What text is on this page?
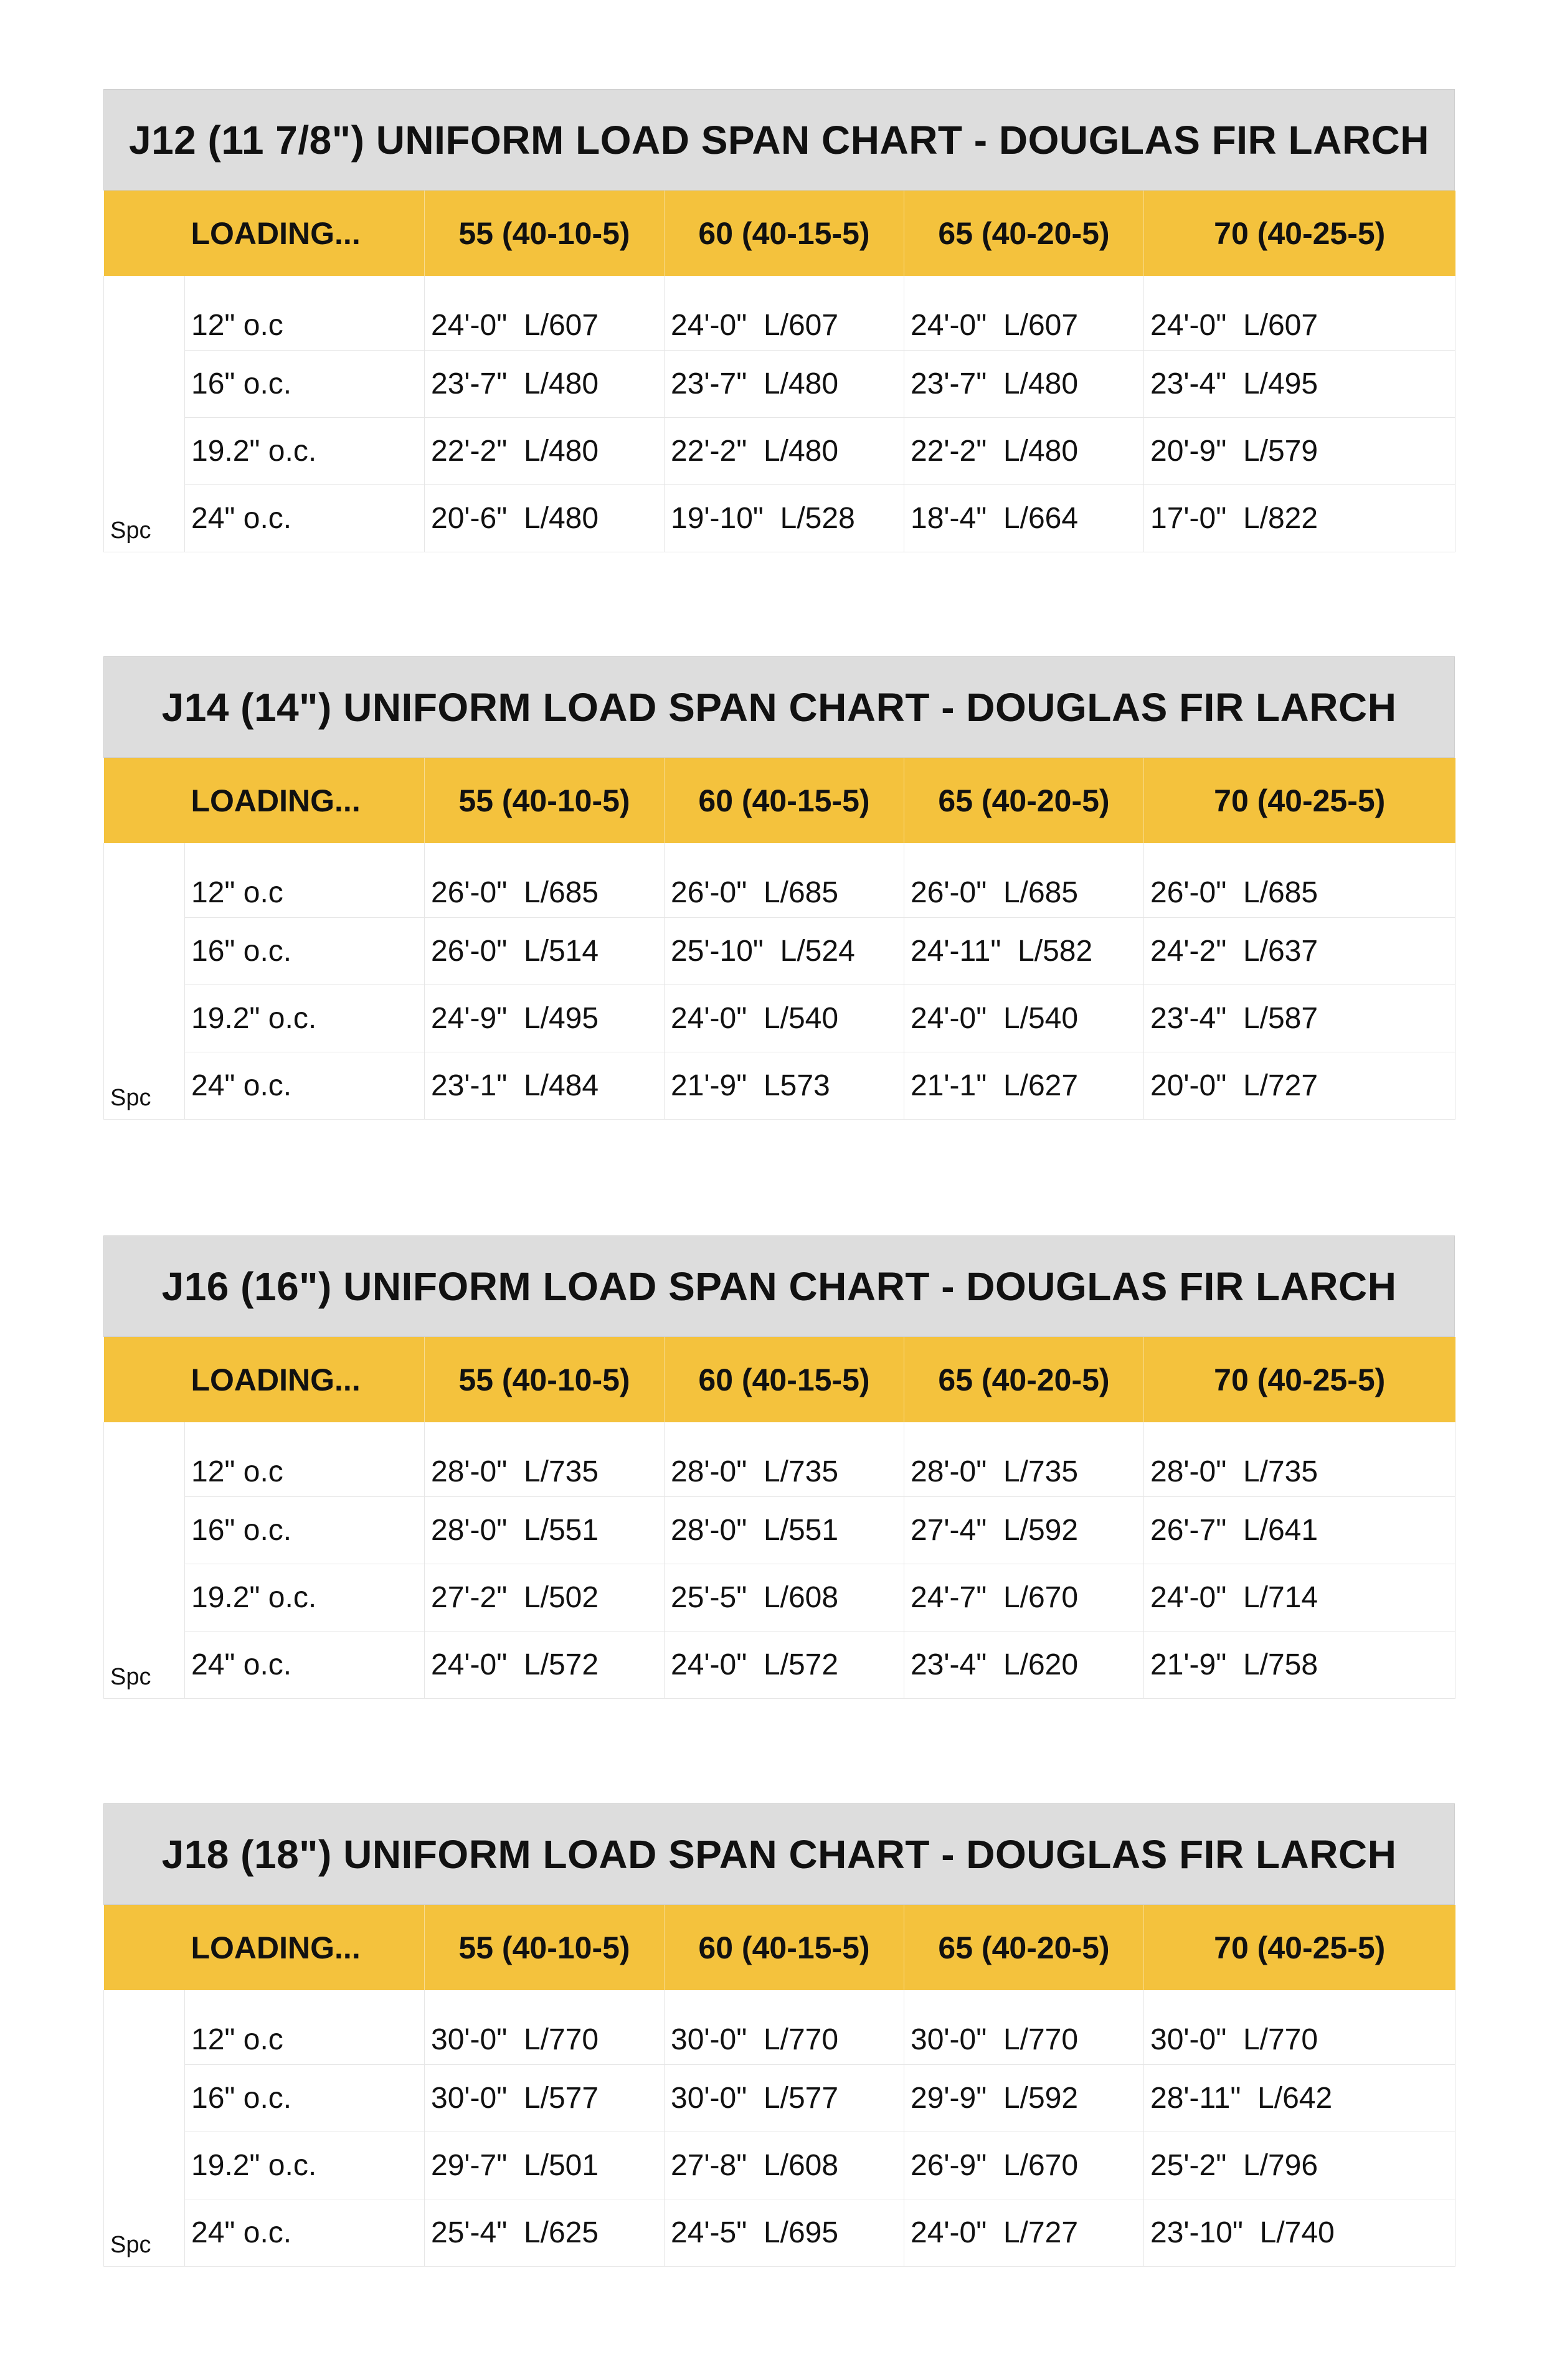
J12 (11 7/8") UNIFORM LOAD SPAN CHART - DOUGLAS FIR LARCH
	LOADING...	55 (40-10-5)	60 (40-15-5)	65 (40-20-5)	70 (40-25-5)
Spc	12" o.c	24'-0"  L/607	24'-0"  L/607	24'-0"  L/607	24'-0"  L/607
	16" o.c.	23'-7"  L/480	23'-7"  L/480	23'-7"  L/480	23'-4"  L/495
	19.2" o.c.	22'-2"  L/480	22'-2"  L/480	22'-2"  L/480	20'-9"  L/579
	24" o.c.	20'-6"  L/480	19'-10"  L/528	18'-4"  L/664	17'-0"  L/822
J14 (14") UNIFORM LOAD SPAN CHART - DOUGLAS FIR LARCH
	LOADING...	55 (40-10-5)	60 (40-15-5)	65 (40-20-5)	70 (40-25-5)
Spc	12" o.c	26'-0"  L/685	26'-0"  L/685	26'-0"  L/685	26'-0"  L/685
	16" o.c.	26'-0"  L/514	25'-10"  L/524	24'-11"  L/582	24'-2"  L/637
	19.2" o.c.	24'-9"  L/495	24'-0"  L/540	24'-0"  L/540	23'-4"  L/587
	24" o.c.	23'-1"  L/484	21'-9"  L573	21'-1"  L/627	20'-0"  L/727
J16 (16") UNIFORM LOAD SPAN CHART - DOUGLAS FIR LARCH
	LOADING...	55 (40-10-5)	60 (40-15-5)	65 (40-20-5)	70 (40-25-5)
Spc	12" o.c	28'-0"  L/735	28'-0"  L/735	28'-0"  L/735	28'-0"  L/735
	16" o.c.	28'-0"  L/551	28'-0"  L/551	27'-4"  L/592	26'-7"  L/641
	19.2" o.c.	27'-2"  L/502	25'-5"  L/608	24'-7"  L/670	24'-0"  L/714
	24" o.c.	24'-0"  L/572	24'-0"  L/572	23'-4"  L/620	21'-9"  L/758
J18 (18") UNIFORM LOAD SPAN CHART - DOUGLAS FIR LARCH
	LOADING...	55 (40-10-5)	60 (40-15-5)	65 (40-20-5)	70 (40-25-5)
Spc	12" o.c	30'-0"  L/770	30'-0"  L/770	30'-0"  L/770	30'-0"  L/770
	16" o.c.	30'-0"  L/577	30'-0"  L/577	29'-9"  L/592	28'-11"  L/642
	19.2" o.c.	29'-7"  L/501	27'-8"  L/608	26'-9"  L/670	25'-2"  L/796
	24" o.c.	25'-4"  L/625	24'-5"  L/695	24'-0"  L/727	23'-10"  L/740
